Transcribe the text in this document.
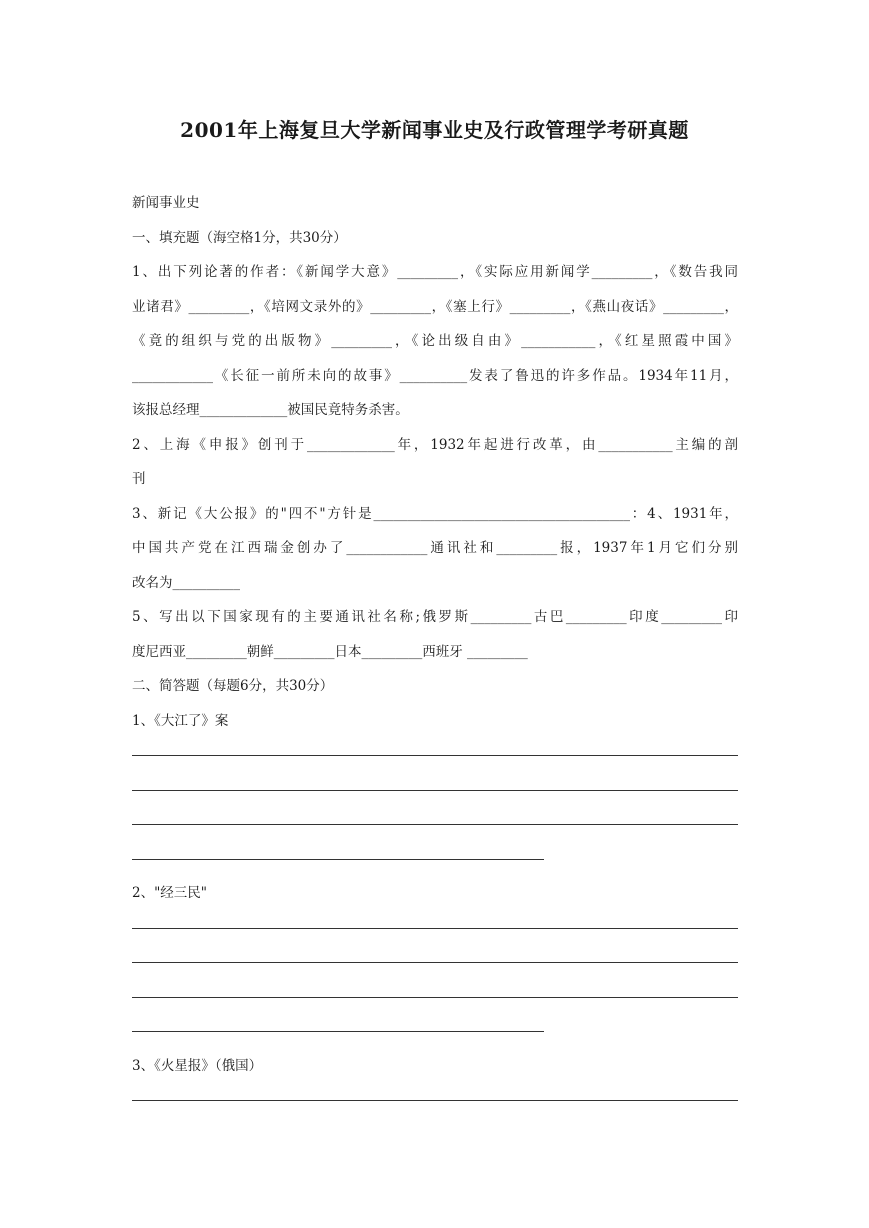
2001年上海复旦大学新闻事业史及行政管理学考研真题
新闻事业史
一、填充题（海空格1分，共30分）
1、出下列论著的作者：《新闻学大意》_________，《实际应用新闻学_________，《数告我同
业诸君》_________，《培网文录外的》_________，《塞上行》_________，《燕山夜话》_________，
《竟的组织与党的出版物》_________，《论出级自由》___________，《红星照霞中国》
____________《长征一前所未向的故事》__________发表了鲁迅的许多作品。1934年11月，
该报总经理_____________被国民竟特务杀害。
2、上海《申报》创刊于_____________年，1932年起进行改革，由___________主编的剖
刊
3、新记《大公报》的"四不"方针是______________________________________：4、1931年，
中国共产党在江西瑞金创办了____________通讯社和_________报，1937年1月它们分别
改名为__________
5、写出以下国家现有的主要通讯社名称;俄罗斯_________古巴_________印度_________印
度尼西亚_________朝鲜_________日本_________西班牙 _________
二、简答题（每题6分，共30分）
1、《大江了》案
2、"经三民"
3、《火星报》（俄国）
